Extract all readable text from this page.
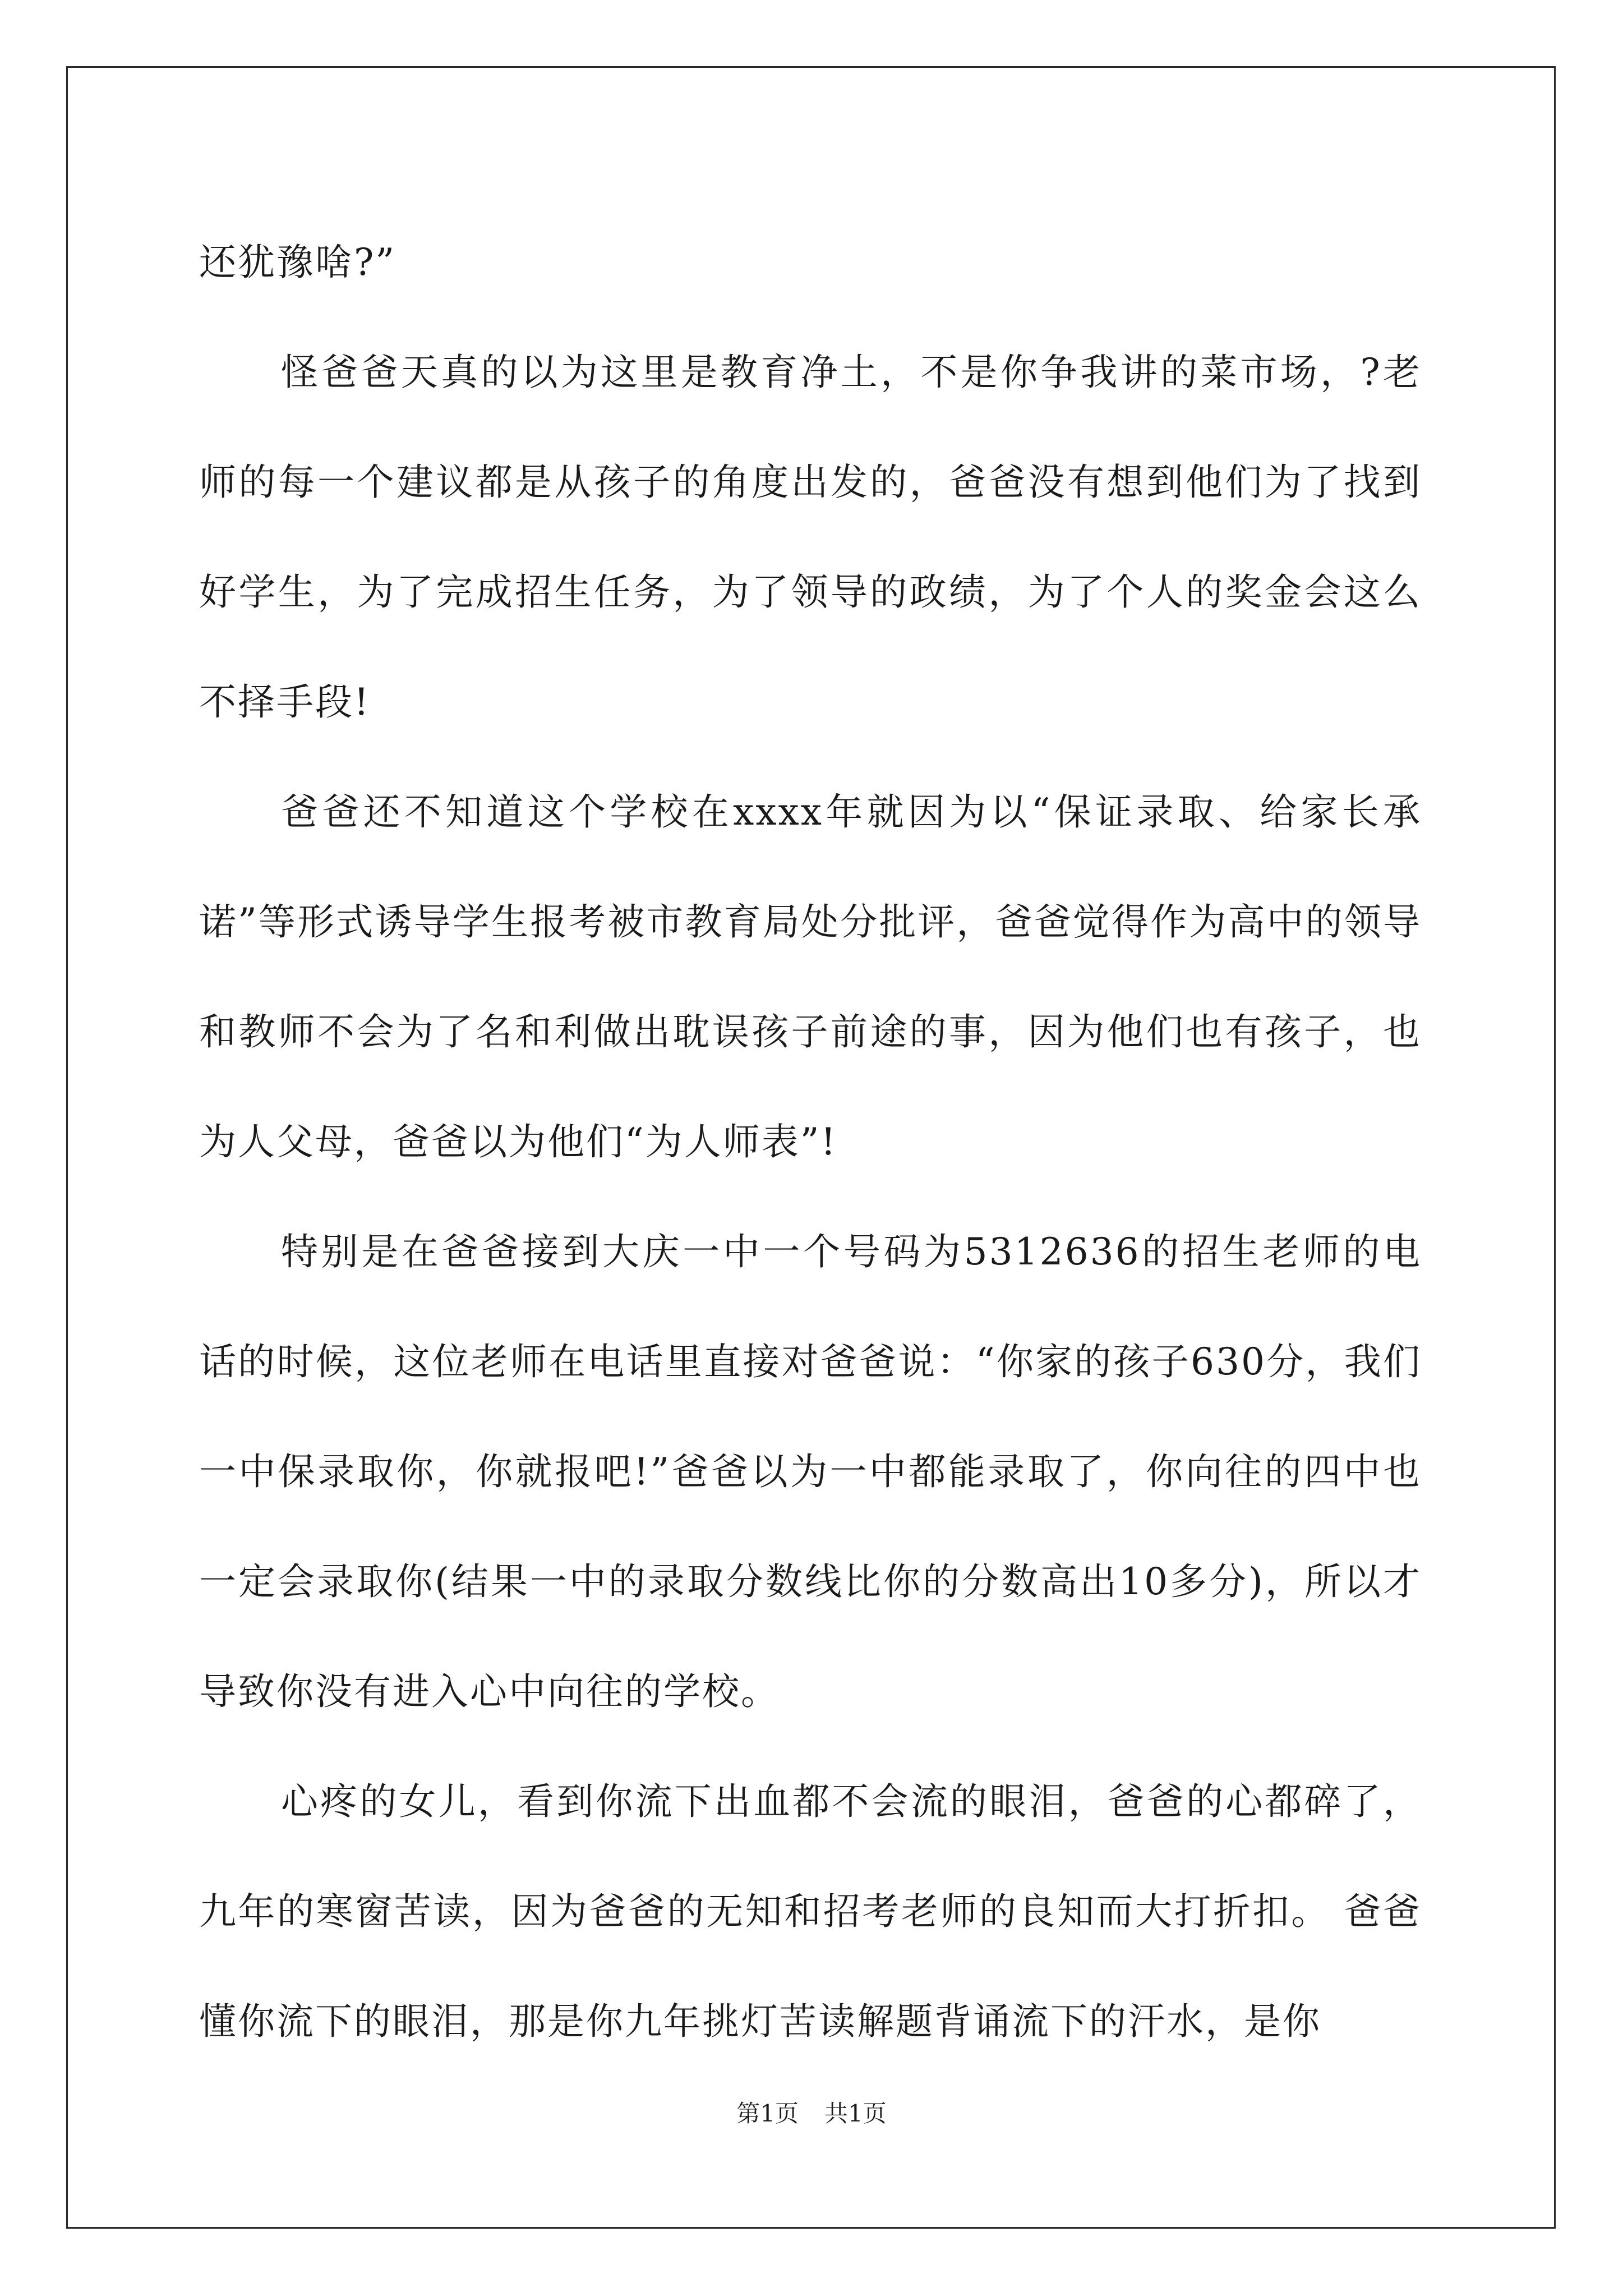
还犹豫啥?”

怪爸爸天真的以为这里是教育净土，不是你争我讲的菜市场，?老师的每一个建议都是从孩子的角度出发的，爸爸没有想到他们为了找到好学生，为了完成招生任务，为了领导的政绩，为了个人的奖金会这么不择手段!

爸爸还不知道这个学校在xxxx年就因为以“保证录取、给家长承诺”等形式诱导学生报考被市教育局处分批评，爸爸觉得作为高中的领导和教师不会为了名和利做出耽误孩子前途的事，因为他们也有孩子，也为人父母，爸爸以为他们“为人师表”!

特别是在爸爸接到大庆一中一个号码为5312636的招生老师的电话的时候，这位老师在电话里直接对爸爸说：“你家的孩子630分，我们一中保录取你，你就报吧!”爸爸以为一中都能录取了，你向往的四中也一定会录取你(结果一中的录取分数线比你的分数高出10多分)，所以才导致你没有进入心中向往的学校。

心疼的女儿，看到你流下出血都不会流的眼泪，爸爸的心都碎了，九年的寒窗苦读，因为爸爸的无知和招考老师的良知而大打折扣。 爸爸懂你流下的眼泪，那是你九年挑灯苦读解题背诵流下的汗水，是你

第1页 共1页
